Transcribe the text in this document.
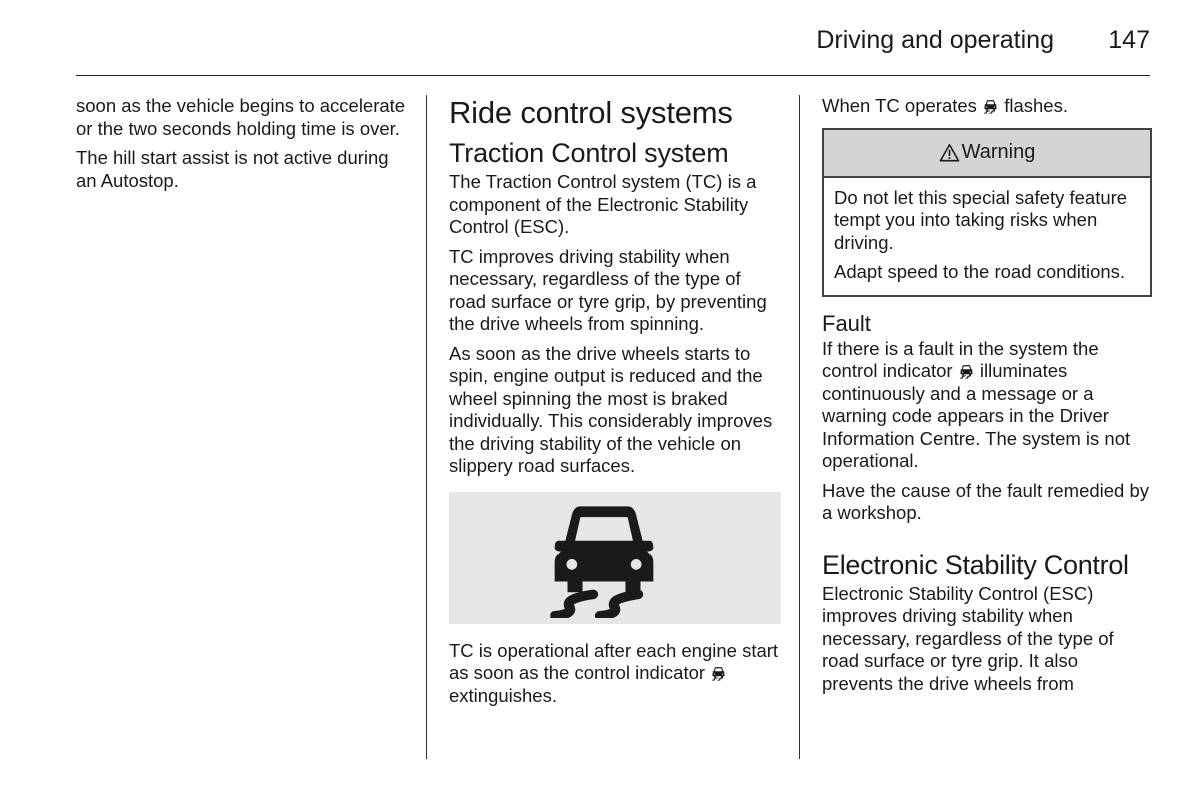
Driving and operating 147

soon as the vehicle begins to accelerate or the two seconds holding time is over.

The hill start assist is not active during an Autostop.

Ride control systems
Traction Control system

The Traction Control system (TC) is a component of the Electronic Stability Control (ESC).

TC improves driving stability when necessary, regardless of the type of road surface or tyre grip, by preventing the drive wheels from spinning.

As soon as the drive wheels starts to spin, engine output is reduced and the wheel spinning the most is braked individually. This considerably improves the driving stability of the vehicle on slippery road surfaces.

TC is operational after each engine start as soon as the control indicator  extinguishes.

When TC operates flashes.

Warning

Do not let this special safety feature tempt you into taking risks when driving.

Adapt speed to the road conditions.

Fault

If there is a fault in the system the control indicator illuminates continuously and a message or a warning code appears in the Driver Information Centre. The system is not operational.

Have the cause of the fault remedied by a workshop.

Electronic Stability Control

Electronic Stability Control (ESC) improves driving stability when necessary, regardless of the type of road surface or tyre grip. It also prevents the drive wheels from
